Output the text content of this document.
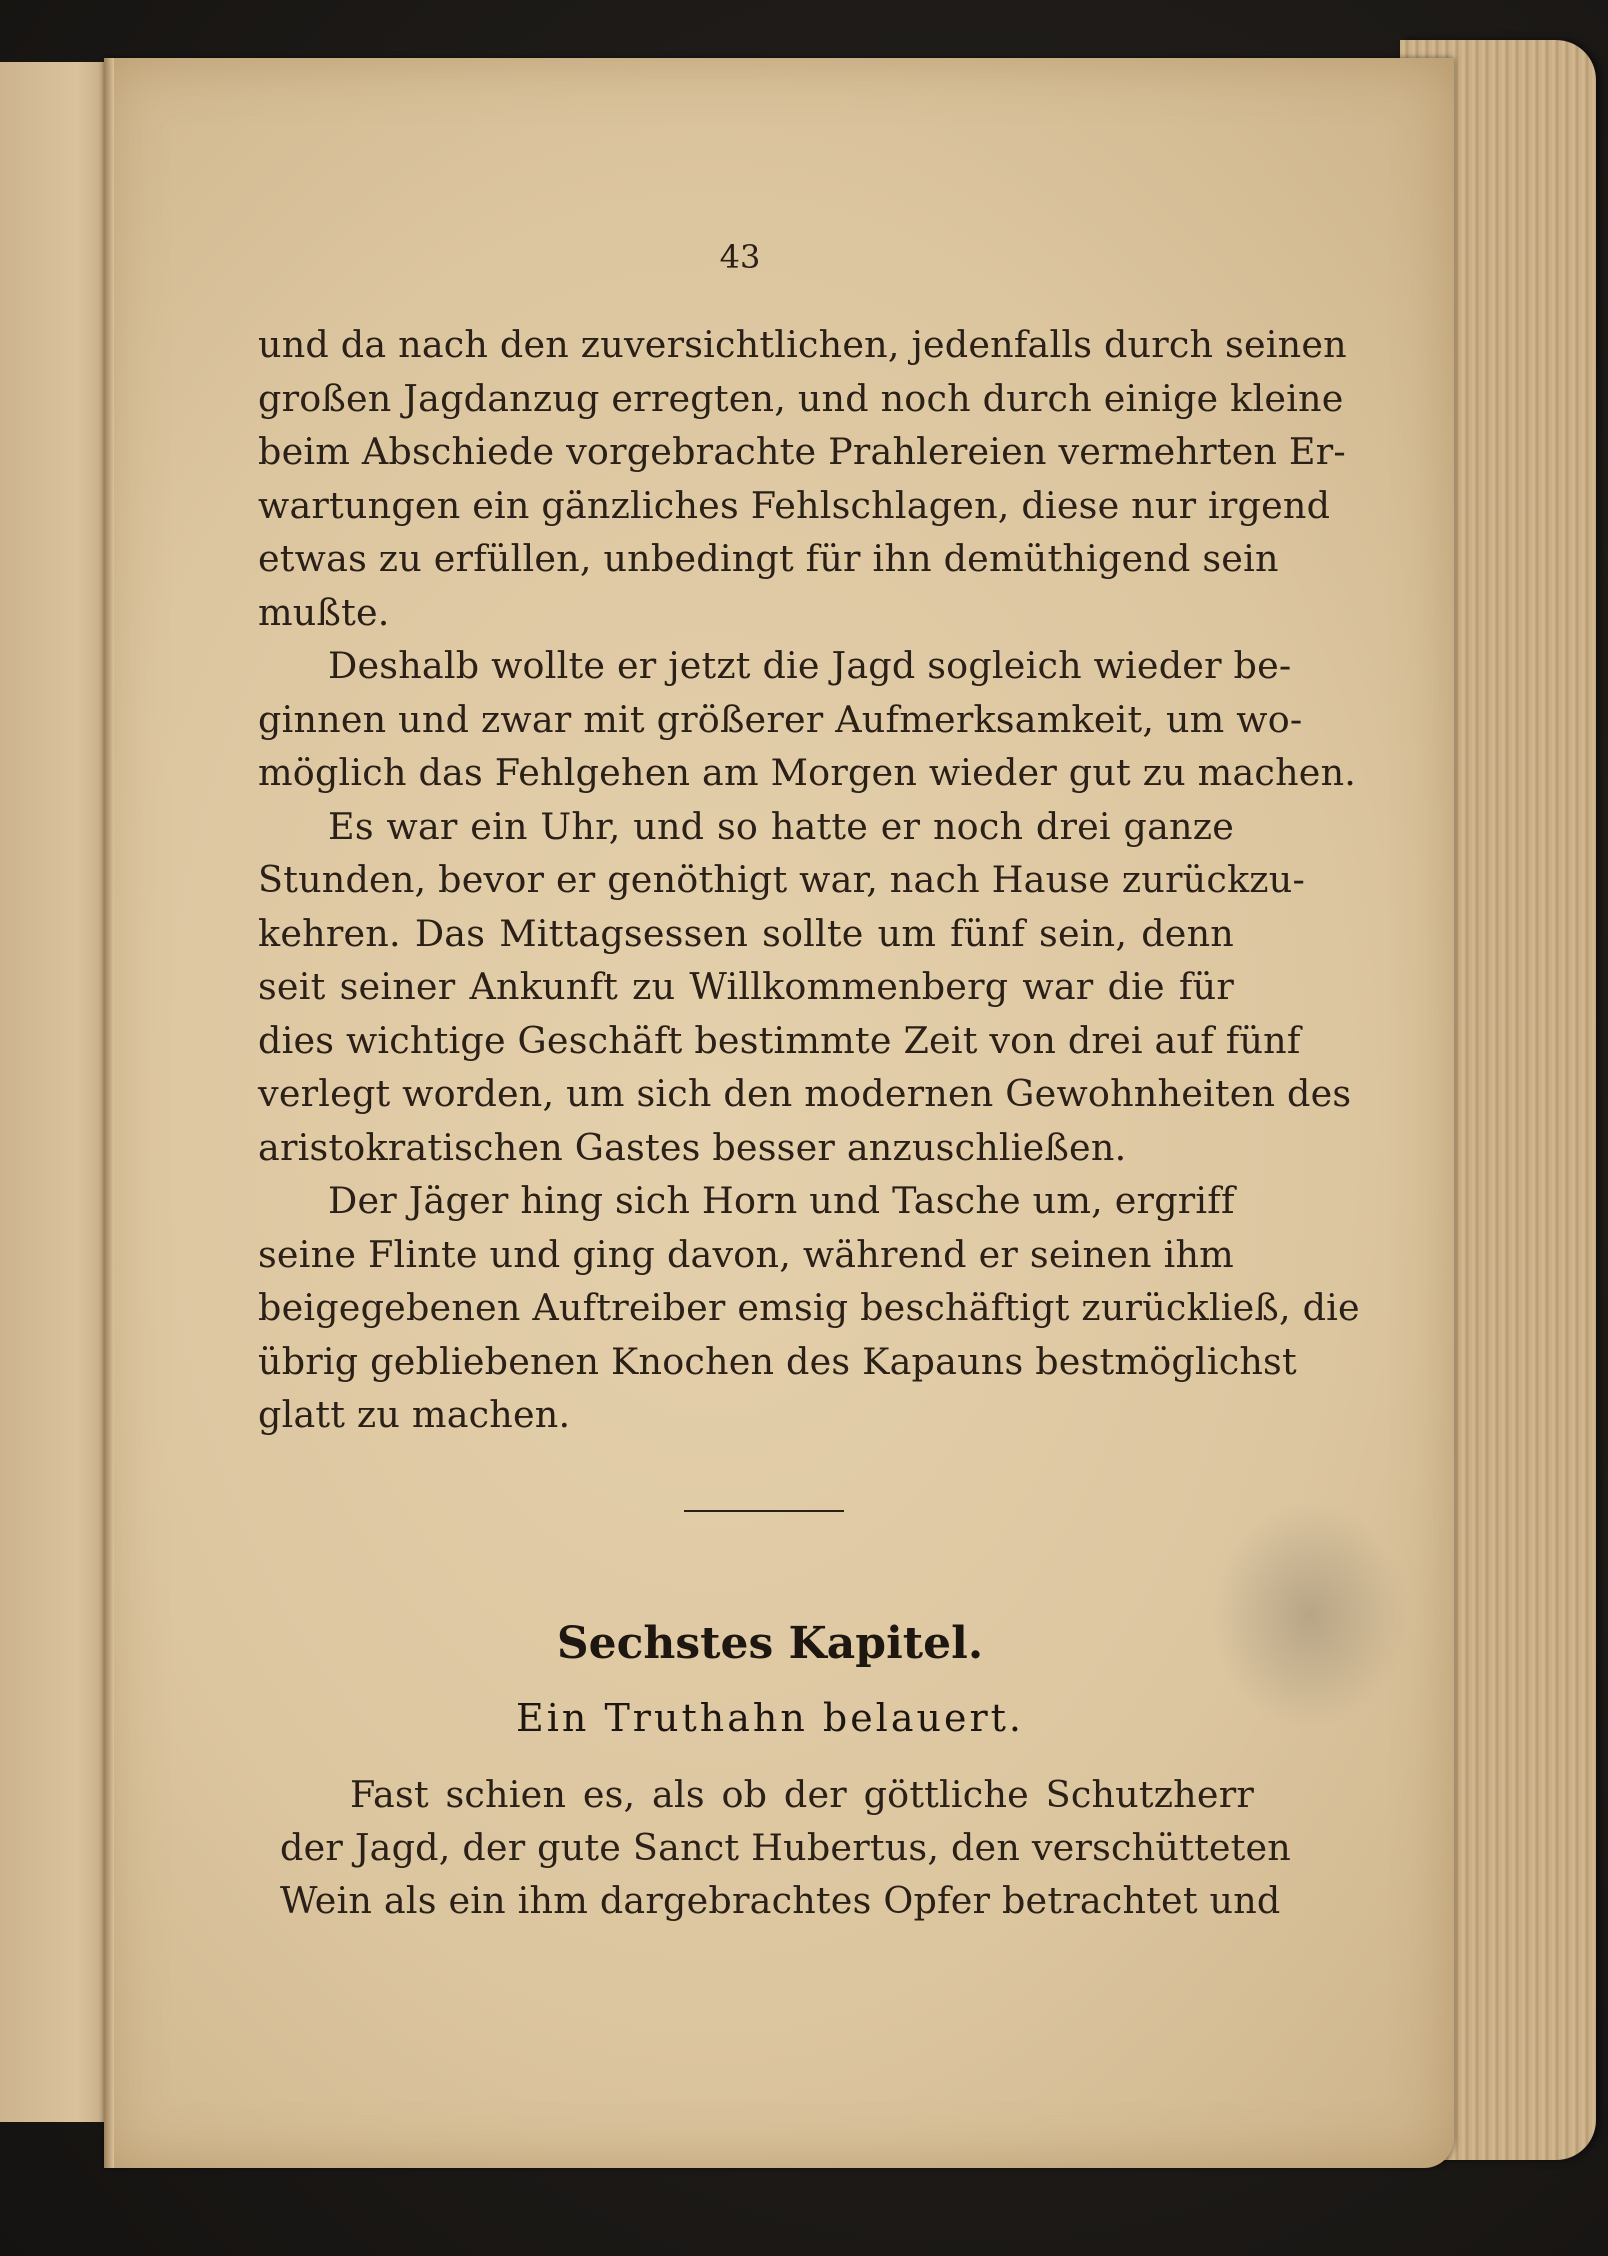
43
und da nach den zuversichtlichen, jedenfalls durch seinen
großen Jagdanzug erregten, und noch durch einige kleine
beim Abschiede vorgebrachte Prahlereien vermehrten Er-
wartungen ein gänzliches Fehlschlagen, diese nur irgend
etwas zu erfüllen, unbedingt für ihn demüthigend sein
mußte.
Deshalb wollte er jetzt die Jagd sogleich wieder be-
ginnen und zwar mit größerer Aufmerksamkeit, um wo-
möglich das Fehlgehen am Morgen wieder gut zu machen.
Es war ein Uhr, und so hatte er noch drei ganze
Stunden, bevor er genöthigt war, nach Hause zurückzu-
kehren. Das Mittagsessen sollte um fünf sein, denn
seit seiner Ankunft zu Willkommenberg war die für
dies wichtige Geschäft bestimmte Zeit von drei auf fünf
verlegt worden, um sich den modernen Gewohnheiten des
aristokratischen Gastes besser anzuschließen.
Der Jäger hing sich Horn und Tasche um, ergriff
seine Flinte und ging davon, während er seinen ihm
beigegebenen Auftreiber emsig beschäftigt zurückließ, die
übrig gebliebenen Knochen des Kapauns bestmöglichst
glatt zu machen.
Sechstes Kapitel.
Ein Truthahn belauert.
Fast schien es, als ob der göttliche Schutzherr
der Jagd, der gute Sanct Hubertus, den verschütteten
Wein als ein ihm dargebrachtes Opfer betrachtet und
